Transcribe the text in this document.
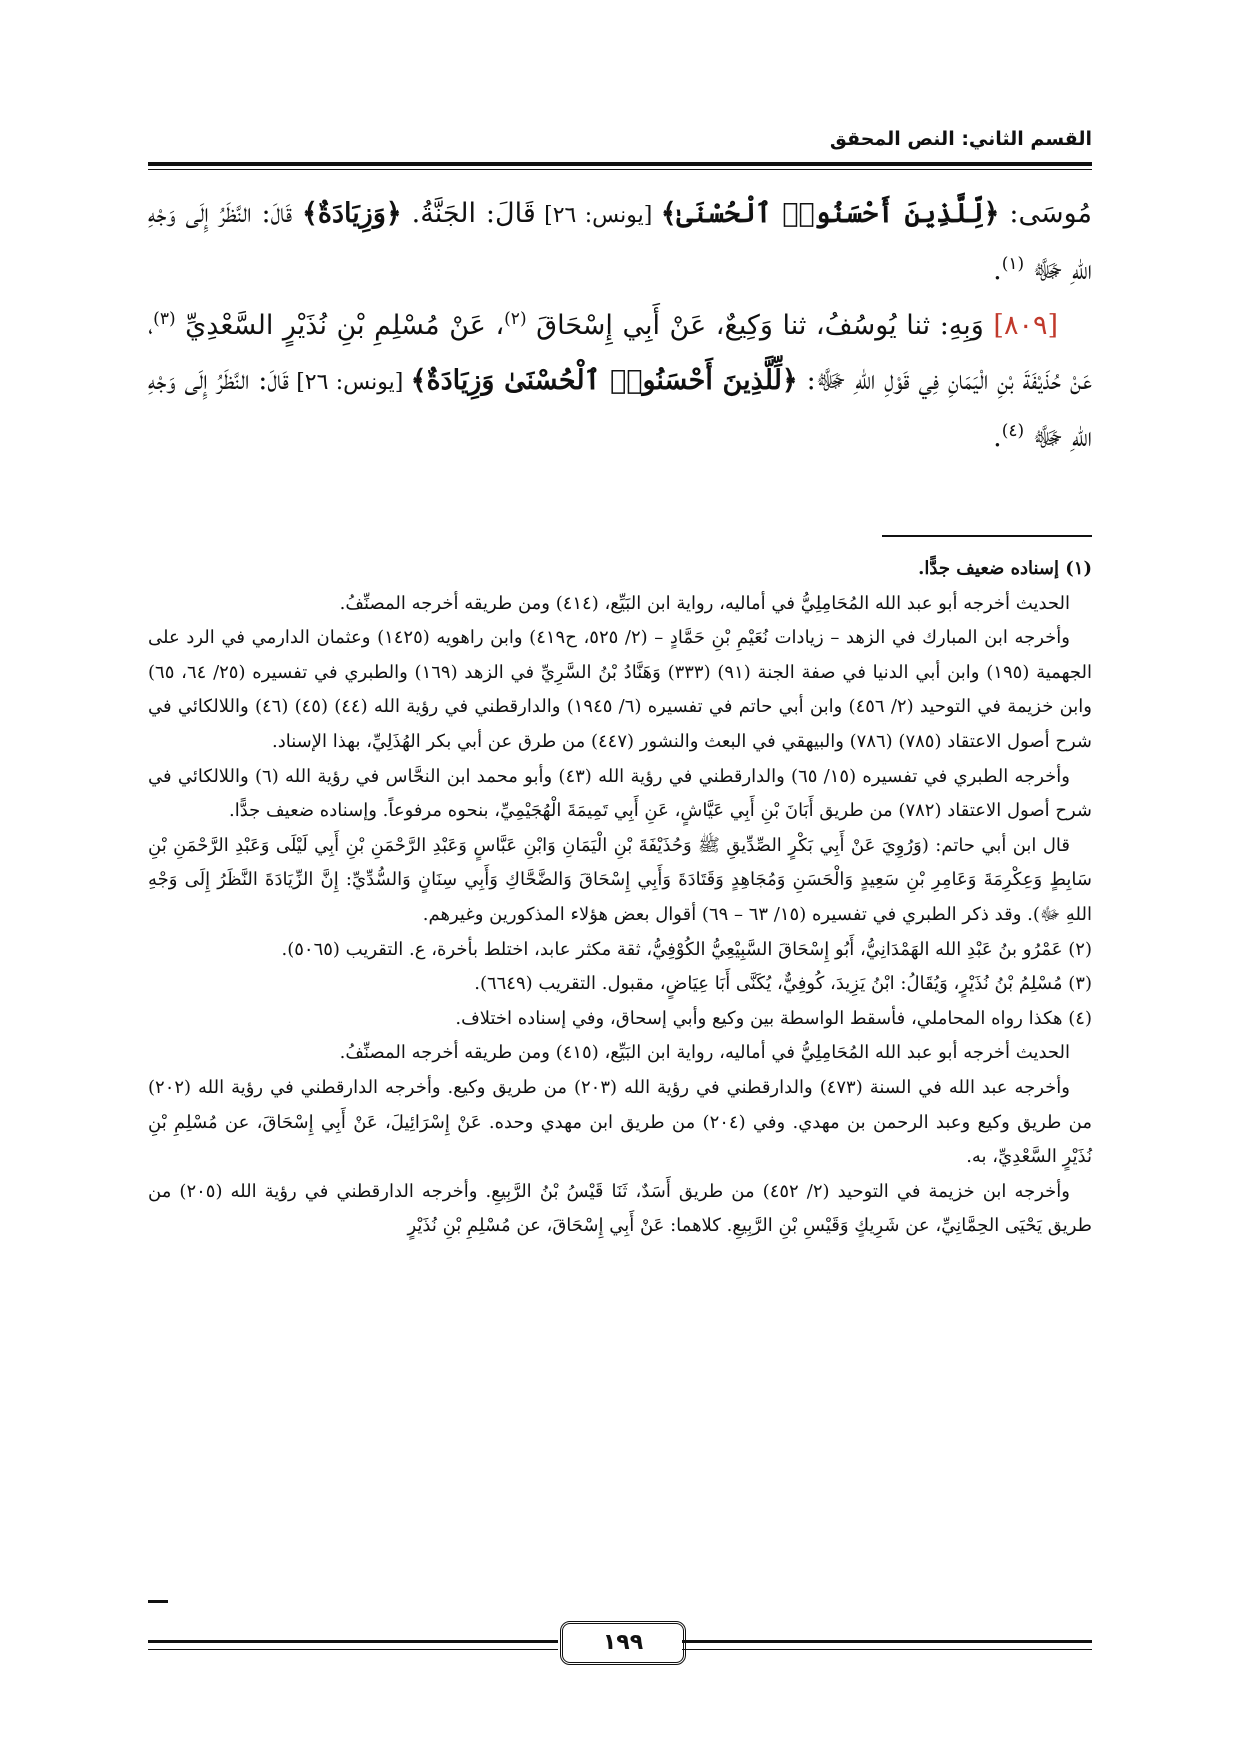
القسم الثاني: النص المحقق

مُوسَى: ﴿لِّلَّذِينَ أَحْسَنُوا۟ ٱلْحُسْنَىٰ﴾ [يونس: ٢٦] قَالَ: الجَنَّةُ. ﴿وَزِيَادَةٌ﴾ قَالَ: النَّظَرُ إِلَى وَجْهِ اللهِ ﷻ $^{(١)}$.

[٨٠٩] وَبِهِ: ثنا يُوسُفُ، ثنا وَكِيعٌ، عَنْ أَبِي إِسْحَاقَ $^{(٢)}$، عَنْ مُسْلِمِ بْنِ نُذَيْرٍ السَّعْدِيِّ $^{(٣)}$، عَنْ حُذَيْفَةَ بْنِ الْيَمَانِ فِي قَوْلِ اللهِ ﷻ: ﴿لِّلَّذِينَ أَحْسَنُوا۟ ٱلْحُسْنَىٰ وَزِيَادَةٌ﴾ [يونس: ٢٦] قَالَ: النَّظَرُ إِلَى وَجْهِ اللهِ ﷻ $^{(٤)}$.

(١) إسناده ضعيف جدًّا.

الحديث أخرجه أبو عبد الله المُحَامِلِيُّ في أماليه، رواية ابن البَيِّع، (٤١٤) ومن طريقه أخرجه المصنِّفُ.

وأخرجه ابن المبارك في الزهد – زيادات نُعَيْمِ بْنِ حَمَّادٍ – (٢/ ٥٢٥، ح٤١٩) وابن راهويه (١٤٢٥) وعثمان الدارمي في الرد على الجهمية (١٩٥) وابن أبي الدنيا في صفة الجنة (٩١) (٣٣٣) وَهَنَّادُ بْنُ السَّرِيِّ في الزهد (١٦٩) والطبري في تفسيره (٢٥/ ٦٤، ٦٥) وابن خزيمة في التوحيد (٢/ ٤٥٦) وابن أبي حاتم في تفسيره (٦/ ١٩٤٥) والدارقطني في رؤية الله (٤٤) (٤٥) (٤٦) واللالكائي في شرح أصول الاعتقاد (٧٨٥) (٧٨٦) والبيهقي في البعث والنشور (٤٤٧) من طرق عن أبي بكر الهُذَلِيِّ، بهذا الإسناد.

وأخرجه الطبري في تفسيره (١٥/ ٦٥) والدارقطني في رؤية الله (٤٣) وأبو محمد ابن النحَّاس في رؤية الله (٦) واللالكائي في شرح أصول الاعتقاد (٧٨٢) من طريق أَبَانَ بْنِ أَبِي عَيَّاشٍ، عَنِ أَبِي تَمِيمَةَ الْهُجَيْمِيِّ، بنحوه مرفوعاً. وإسناده ضعيف جدًّا.

قال ابن أبي حاتم: (وَرُوِيَ عَنْ أَبِي بَكْرٍ الصِّدِّيقِ ﷺ وَحُذَيْفَةَ بْنِ الْيَمَانِ وَابْنِ عَبَّاسٍ وَعَبْدِ الرَّحْمَنِ بْنِ أَبِي لَيْلَى وَعَبْدِ الرَّحْمَنِ بْنِ سَابِطٍ وَعِكْرِمَةَ وَعَامِرِ بْنِ سَعِيدٍ وَالْحَسَنِ وَمُجَاهِدٍ وَقَتَادَةَ وَأَبِي إِسْحَاقَ وَالضَّحَّاكِ وَأَبِي سِنَانٍ وَالسُّدِّيِّ: إِنَّ الزِّيَادَةَ النَّظَرُ إِلَى وَجْهِ اللهِ ﷻ). وقد ذكر الطبري في تفسيره (١٥/ ٦٣ – ٦٩) أقوال بعض هؤلاء المذكورين وغيرهم.

(٢) عَمْرُو بنُ عَبْدِ الله الهَمْدَانِيُّ، أَبُو إِسْحَاقَ السَّبِيْعِيُّ الكُوْفِيُّ، ثقة مكثر عابد، اختلط بأخرة، ع. التقريب (٥٠٦٥).

(٣) مُسْلِمُ بْنُ نُذَيْرٍ، وَيُقَالُ: ابْنُ يَزِيدَ، كُوفِيٌّ، يُكَنَّى أَبَا عِيَاضٍ، مقبول. التقريب (٦٦٤٩).

(٤) هكذا رواه المحاملي، فأسقط الواسطة بين وكيع وأبي إسحاق، وفي إسناده اختلاف.

الحديث أخرجه أبو عبد الله المُحَامِلِيُّ في أماليه، رواية ابن البَيِّع، (٤١٥) ومن طريقه أخرجه المصنِّفُ.

وأخرجه عبد الله في السنة (٤٧٣) والدارقطني في رؤية الله (٢٠٣) من طريق وكيع. وأخرجه الدارقطني في رؤية الله (٢٠٢) من طريق وكيع وعبد الرحمن بن مهدي. وفي (٢٠٤) من طريق ابن مهدي وحده. عَنْ إِسْرَائِيلَ، عَنْ أَبِي إِسْحَاقَ، عن مُسْلِمِ بْنِ نُذَيْرٍ السَّعْدِيِّ، به.

وأخرجه ابن خزيمة في التوحيد (٢/ ٤٥٢) من طريق أَسَدٌ، ثَنَا قَيْسُ بْنُ الرَّبِيعِ. وأخرجه الدارقطني في رؤية الله (٢٠٥) من طريق يَحْيَى الحِمَّانِيِّ، عن شَرِيكٍ وَقَيْسِ بْنِ الرَّبِيعِ. كلاهما: عَنْ أَبِي إِسْحَاقَ، عن مُسْلِمِ بْنِ نُذَيْرٍ

١٩٩
